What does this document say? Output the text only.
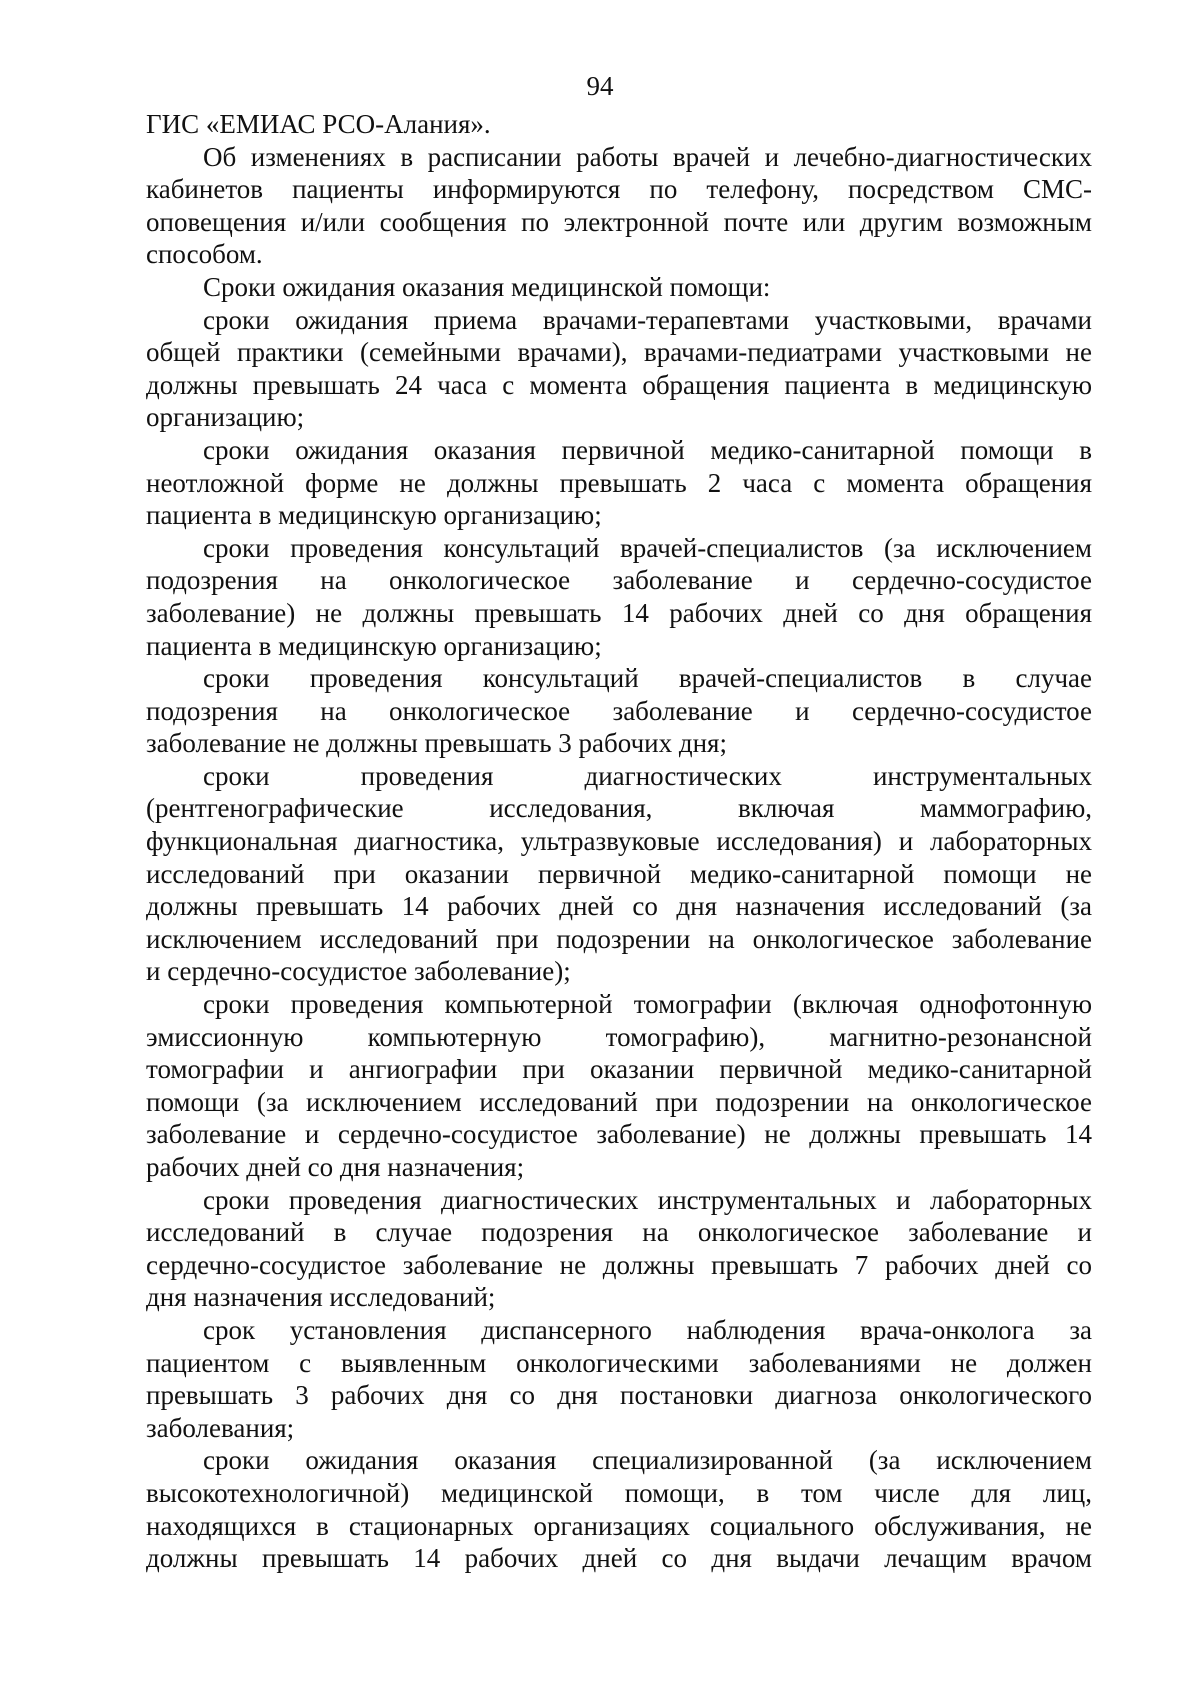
94
ГИС «ЕМИАС РСО-Алания».
Об изменениях в расписании работы врачей и лечебно-диагностических
кабинетов пациенты информируются по телефону, посредством СМС-
оповещения и/или сообщения по электронной почте или другим возможным
способом.
Сроки ожидания оказания медицинской помощи:
сроки ожидания приема врачами-терапевтами участковыми, врачами
общей практики (семейными врачами), врачами-педиатрами участковыми не
должны превышать 24 часа с момента обращения пациента в медицинскую
организацию;
сроки ожидания оказания первичной медико-санитарной помощи в
неотложной форме не должны превышать 2 часа с момента обращения
пациента в медицинскую организацию;
сроки проведения консультаций врачей-специалистов (за исключением
подозрения на онкологическое заболевание и сердечно-сосудистое
заболевание) не должны превышать 14 рабочих дней со дня обращения
пациента в медицинскую организацию;
сроки проведения консультаций врачей-специалистов в случае
подозрения на онкологическое заболевание и сердечно-сосудистое
заболевание не должны превышать 3 рабочих дня;
сроки проведения диагностических инструментальных
(рентгенографические исследования, включая маммографию,
функциональная диагностика, ультразвуковые исследования) и лабораторных
исследований при оказании первичной медико-санитарной помощи не
должны превышать 14 рабочих дней со дня назначения исследований (за
исключением исследований при подозрении на онкологическое заболевание
и сердечно-сосудистое заболевание);
сроки проведения компьютерной томографии (включая однофотонную
эмиссионную компьютерную томографию), магнитно-резонансной
томографии и ангиографии при оказании первичной медико-санитарной
помощи (за исключением исследований при подозрении на онкологическое
заболевание и сердечно-сосудистое заболевание) не должны превышать 14
рабочих дней со дня назначения;
сроки проведения диагностических инструментальных и лабораторных
исследований в случае подозрения на онкологическое заболевание и
сердечно-сосудистое заболевание не должны превышать 7 рабочих дней со
дня назначения исследований;
срок установления диспансерного наблюдения врача-онколога за
пациентом с выявленным онкологическими заболеваниями не должен
превышать 3 рабочих дня со дня постановки диагноза онкологического
заболевания;
сроки ожидания оказания специализированной (за исключением
высокотехнологичной) медицинской помощи, в том числе для лиц,
находящихся в стационарных организациях социального обслуживания, не
должны превышать 14 рабочих дней со дня выдачи лечащим врачом
